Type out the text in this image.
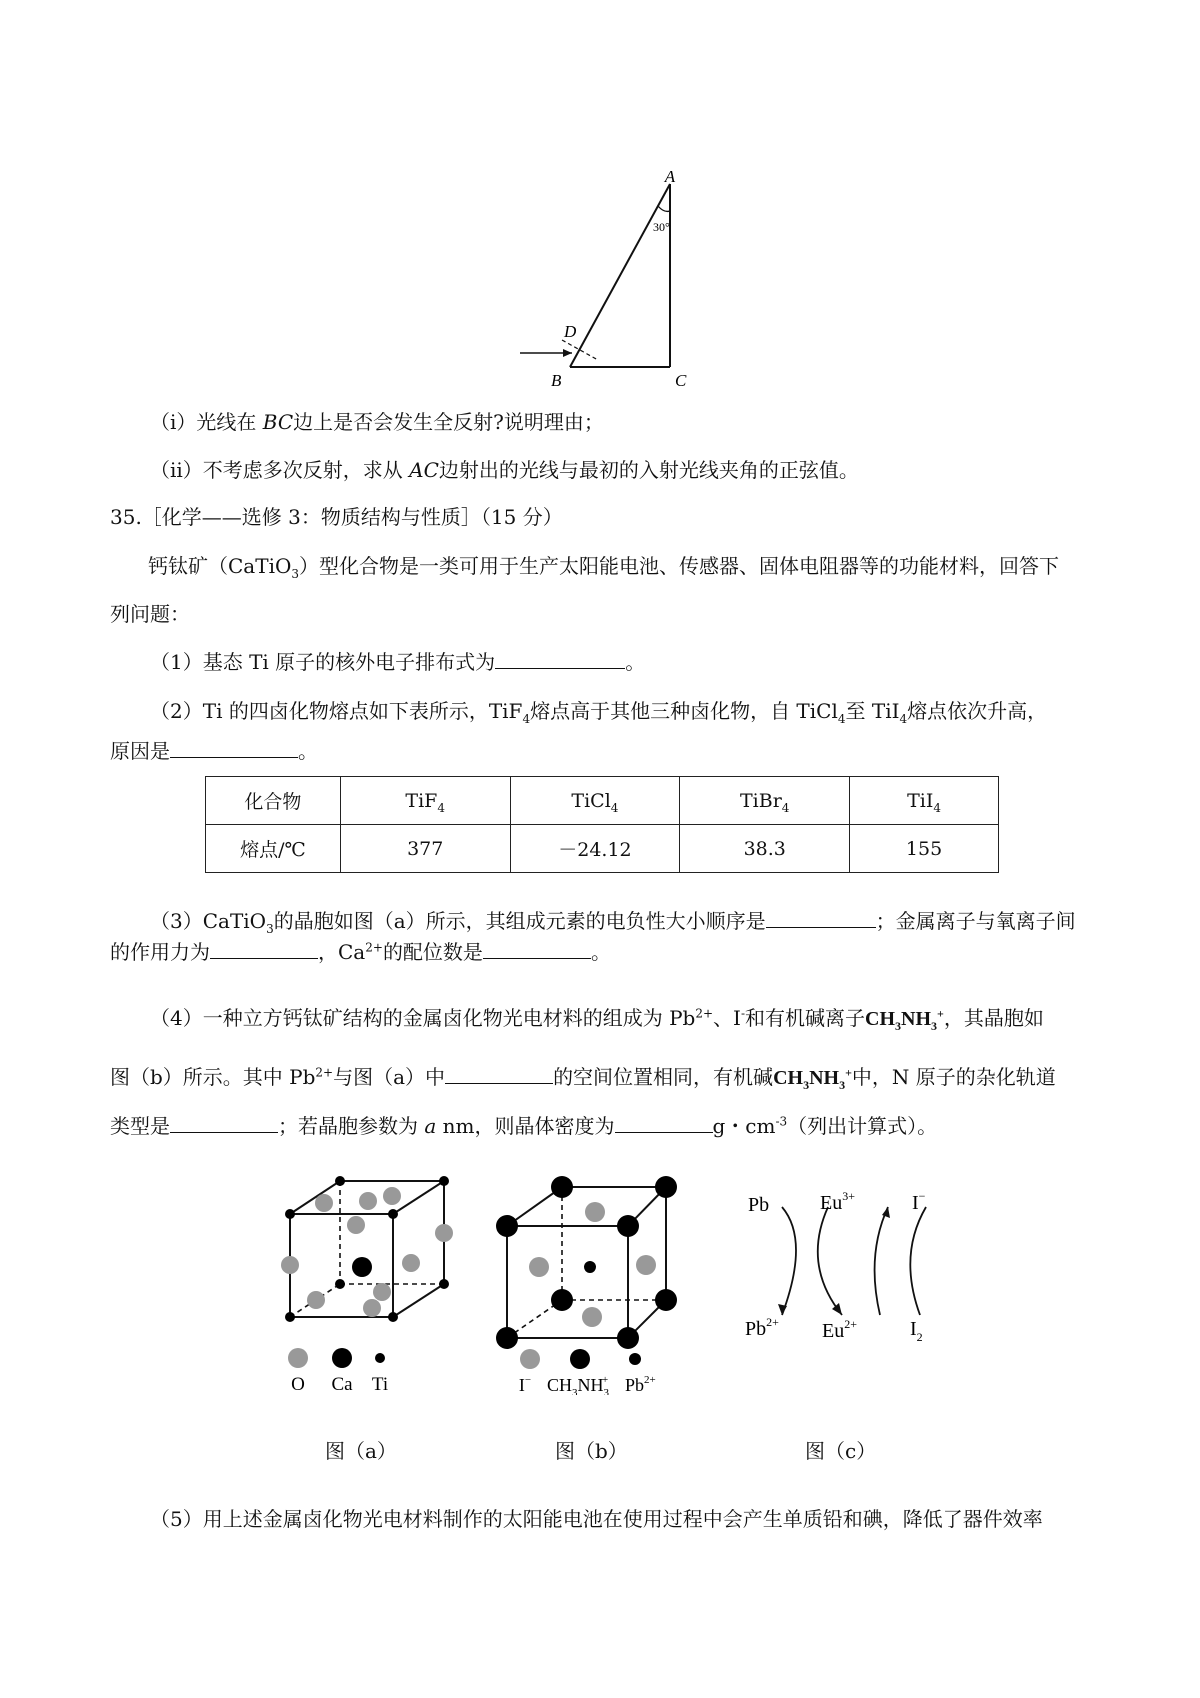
A
30°
D
B	C
（i）光线在 BC边上是否会发生全反射?说明理由；
（ii）不考虑多次反射，求从 AC边射出的光线与最初的入射光线夹角的正弦值。
35.［化学——选修 3：物质结构与性质］（15 分）
钙钛矿（CaTiO$_3$）型化合物是一类可用于生产太阳能电池、传感器、固体电阻器等的功能材料，回答下
列问题：
（1）基态 Ti 原子的核外电子排布式为	。
（2）Ti 的四卤化物熔点如下表所示，TiF$_4$熔点高于其他三种卤化物，自 TiCl$_4$至 TiI$_4$熔点依次升高，
原因是	。
化合物	TiF$_4$	TiCl$_4$	TiBr$_4$	TiI$_4$
熔点/℃	377	－24.12	38.3	155
（3）CaTiO$_3$的晶胞如图（a）所示，其组成元素的电负性大小顺序是	；金属离子与氧离子间
的作用力为	，$Ca^{2+}$的配位数是	。
（4）一种立方钙钛矿结构的金属卤化物光电材料的组成为 $Pb^{2+}$、I-和有机碱离子$CH_3NH_3^+$，其晶胞如
图（b）所示。其中 $Pb^{2+}$与图（a）中	的空间位置相同，有机碱$CH_3NH_3^+$中，N 原子的杂化轨道
类型是	；若晶胞参数为 a nm，则晶体密度为	g・$cm^{-3}$（列出计算式）。
O Ca Ti
图（a）
I− $CH_3NH_3+ Pb^{2+}$
图（b）
Pb	$Eu^{3+}$	I−
$Pb^{2+}$ $Eu^{2+}$	$I_2$
图（c）
（5）用上述金属卤化物光电材料制作的太阳能电池在使用过程中会产生单质铅和碘，降低了器件效率
